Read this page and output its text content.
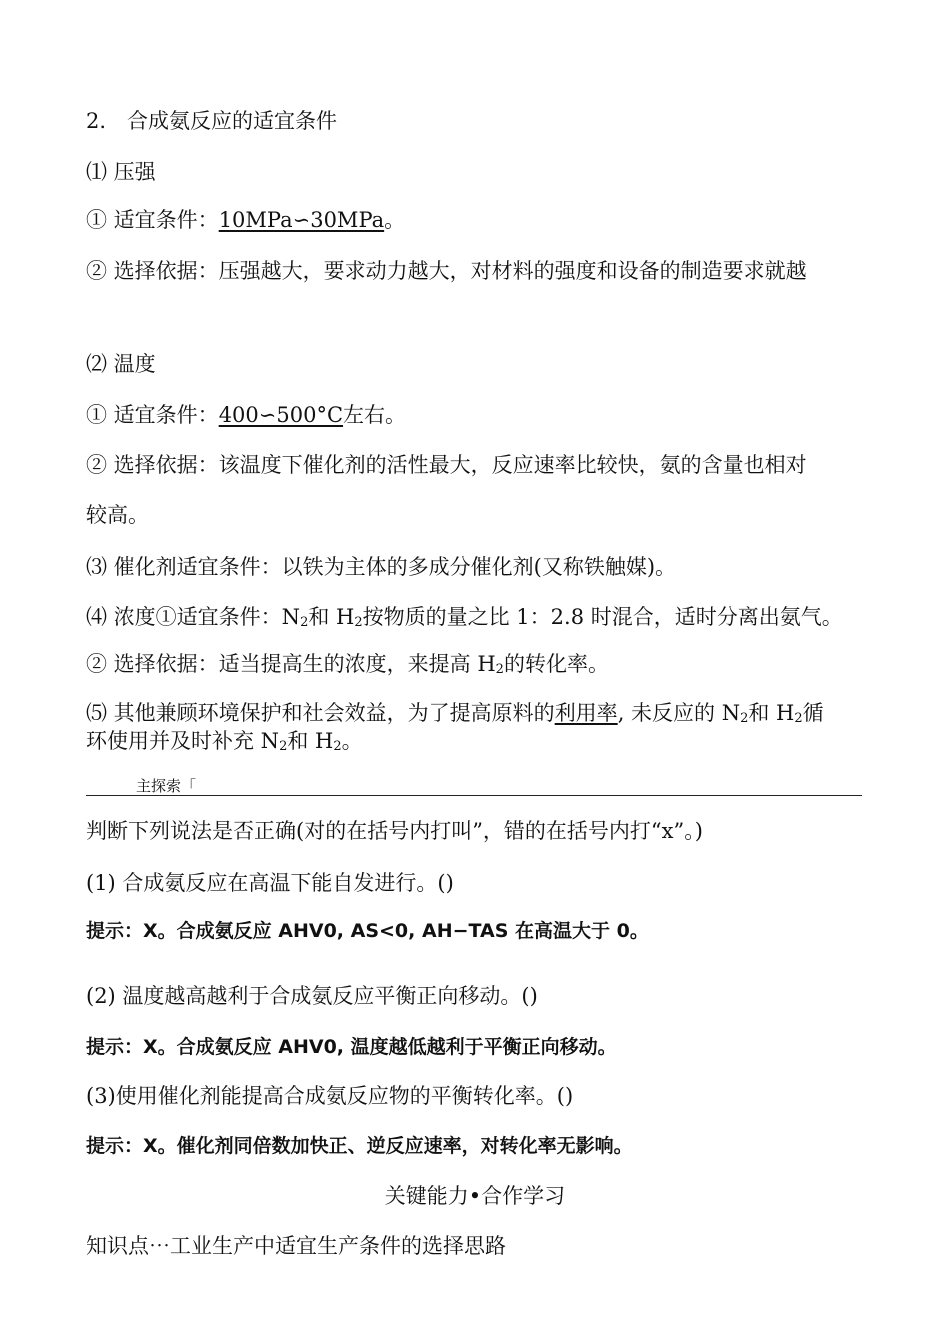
2.　合成氨反应的适宜条件
⑴ 压强
① 适宜条件：10MPa∽30MPa。
② 选择依据：压强越大，要求动力越大，对材料的强度和设备的制造要求就越
⑵ 温度
① 适宜条件：400∽500°C左右。
② 选择依据：该温度下催化剂的活性最大，反应速率比较快，氨的含量也相对
较高。
⑶ 催化剂适宜条件：以铁为主体的多成分催化剂(又称铁触媒)。
⑷ 浓度①适宜条件：N2和 H2按物质的量之比 1：2.8 时混合，适时分离出氨气。
② 选择依据：适当提高生的浓度，来提高 H2的转化率。
⑸ 其他兼顾环境保护和社会效益，为了提高原料的利用率, 未反应的 N2和 H2循
环使用并及时补充 N2和 H2。
主探索「
判断下列说法是否正确(对的在括号内打叫”，错的在括号内打“x”。)
(1) 合成氨反应在高温下能自发进行。()
提示：X。合成氨反应 AHV0, AS<0, AH−TAS 在高温大于 0。
(2) 温度越高越利于合成氨反应平衡正向移动。()
提示：X。合成氨反应 AHV0, 温度越低越利于平衡正向移动。
(3)使用催化剂能提高合成氨反应物的平衡转化率。()
提示：X。催化剂同倍数加快正、逆反应速率，对转化率无影响。
关键能力•合作学习
知识点⋯工业生产中适宜生产条件的选择思路
